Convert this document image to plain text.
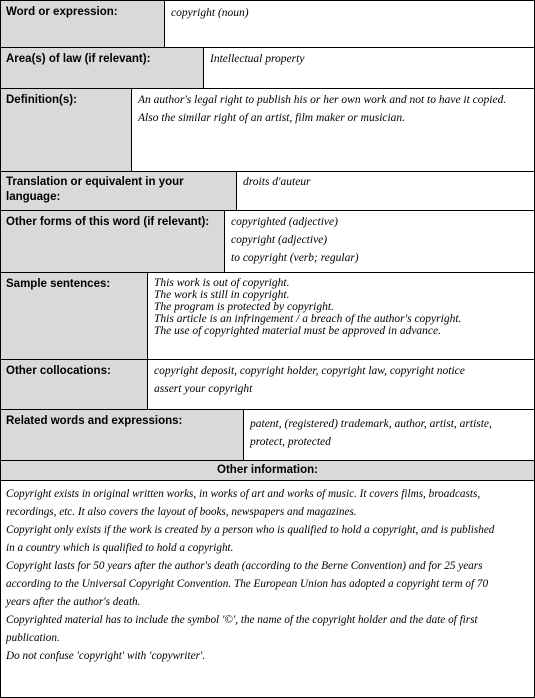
Word or expression:	copyright (noun)
Area(s) of law (if relevant):	Intellectual property
Definition(s):	An author's legal right to publish his or her own work and not to have it copied.
Also the similar right of an artist, film maker or musician.
Translation or equivalent in your language:
droits d'auteur
Other forms of this word (if relevant):	copyrighted (adjective)
copyright (adjective)
to copyright (verb; regular)
Sample sentences:	This work is out of copyright.
The work is still in copyright.
The program is protected by copyright.
This article is an infringement / a breach of the author's copyright.
The use of copyrighted material must be approved in advance.
Other collocations:	copyright deposit, copyright holder, copyright law, copyright notice
assert your copyright
Related words and expressions:	patent, (registered) trademark, author, artist, artiste,
protect, protected
Other information:
Copyright exists in original written works, in works of art and works of music. It covers films, broadcasts,
recordings, etc. It also covers the layout of books, newspapers and magazines.
Copyright only exists if the work is created by a person who is qualified to hold a copyright, and is published
in a country which is qualified to hold a copyright.
Copyright lasts for 50 years after the author's death (according to the Berne Convention) and for 25 years
according to the Universal Copyright Convention. The European Union has adopted a copyright term of 70
years after the author's death.
Copyrighted material has to include the symbol '©', the name of the copyright holder and the date of first
publication.
Do not confuse 'copyright' with 'copywriter'.
